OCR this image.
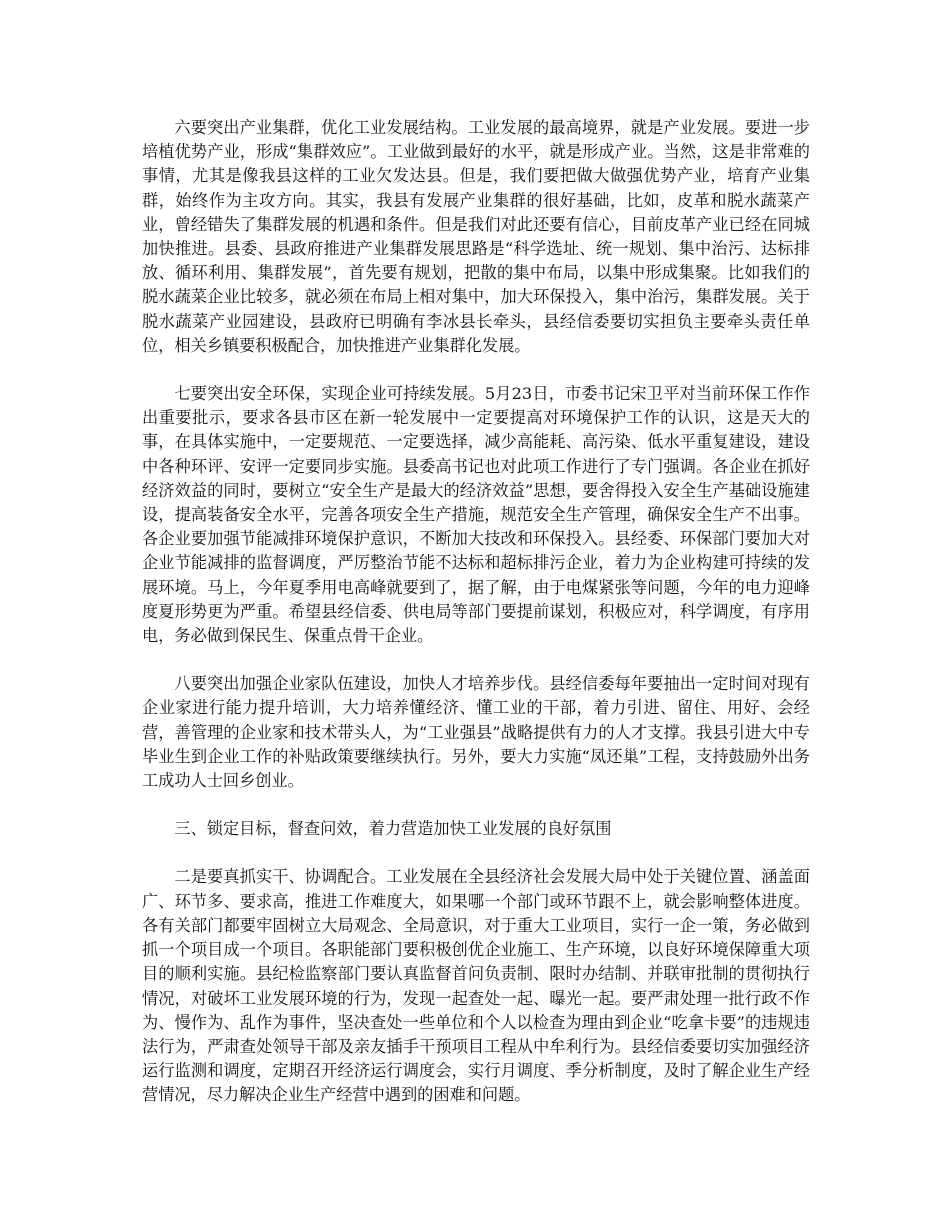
六要突出产业集群，优化工业发展结构。工业发展的最高境界，就是产业发展。要进一步培植优势产业，形成“集群效应”。工业做到最好的水平，就是形成产业。当然，这是非常难的事情，尤其是像我县这样的工业欠发达县。但是，我们要把做大做强优势产业，培育产业集群，始终作为主攻方向。其实，我县有发展产业集群的很好基础，比如，皮革和脱水蔬菜产业，曾经错失了集群发展的机遇和条件。但是我们对此还要有信心，目前皮革产业已经在同城加快推进。县委、县政府推进产业集群发展思路是“科学选址、统一规划、集中治污、达标排放、循环利用、集群发展”，首先要有规划，把散的集中布局，以集中形成集聚。比如我们的脱水蔬菜企业比较多，就必须在布局上相对集中，加大环保投入，集中治污，集群发展。关于脱水蔬菜产业园建设，县政府已明确有李冰县长牵头，县经信委要切实担负主要牵头责任单位，相关乡镇要积极配合，加快推进产业集群化发展。

七要突出安全环保，实现企业可持续发展。5月23日，市委书记宋卫平对当前环保工作作出重要批示，要求各县市区在新一轮发展中一定要提高对环境保护工作的认识，这是天大的事，在具体实施中，一定要规范、一定要选择，减少高能耗、高污染、低水平重复建设，建设中各种环评、安评一定要同步实施。县委高书记也对此项工作进行了专门强调。各企业在抓好经济效益的同时，要树立“安全生产是最大的经济效益”思想，要舍得投入安全生产基础设施建设，提高装备安全水平，完善各项安全生产措施，规范安全生产管理，确保安全生产不出事。各企业要加强节能减排环境保护意识，不断加大技改和环保投入。县经委、环保部门要加大对企业节能减排的监督调度，严厉整治节能不达标和超标排污企业，着力为企业构建可持续的发展环境。马上，今年夏季用电高峰就要到了，据了解，由于电煤紧张等问题，今年的电力迎峰度夏形势更为严重。希望县经信委、供电局等部门要提前谋划，积极应对，科学调度，有序用电，务必做到保民生、保重点骨干企业。

八要突出加强企业家队伍建设，加快人才培养步伐。县经信委每年要抽出一定时间对现有企业家进行能力提升培训，大力培养懂经济、懂工业的干部，着力引进、留住、用好、会经营，善管理的企业家和技术带头人，为“工业强县”战略提供有力的人才支撑。我县引进大中专毕业生到企业工作的补贴政策要继续执行。另外，要大力实施“凤还巢”工程，支持鼓励外出务工成功人士回乡创业。

三、锁定目标，督查问效，着力营造加快工业发展的良好氛围

二是要真抓实干、协调配合。工业发展在全县经济社会发展大局中处于关键位置、涵盖面广、环节多、要求高，推进工作难度大，如果哪一个部门或环节跟不上，就会影响整体进度。各有关部门都要牢固树立大局观念、全局意识，对于重大工业项目，实行一企一策，务必做到抓一个项目成一个项目。各职能部门要积极创优企业施工、生产环境，以良好环境保障重大项目的顺利实施。县纪检监察部门要认真监督首问负责制、限时办结制、并联审批制的贯彻执行情况，对破坏工业发展环境的行为，发现一起查处一起、曝光一起。要严肃处理一批行政不作为、慢作为、乱作为事件，坚决查处一些单位和个人以检查为理由到企业“吃拿卡要”的违规违法行为，严肃查处领导干部及亲友插手干预项目工程从中牟利行为。县经信委要切实加强经济运行监测和调度，定期召开经济运行调度会，实行月调度、季分析制度，及时了解企业生产经营情况，尽力解决企业生产经营中遇到的困难和问题。
